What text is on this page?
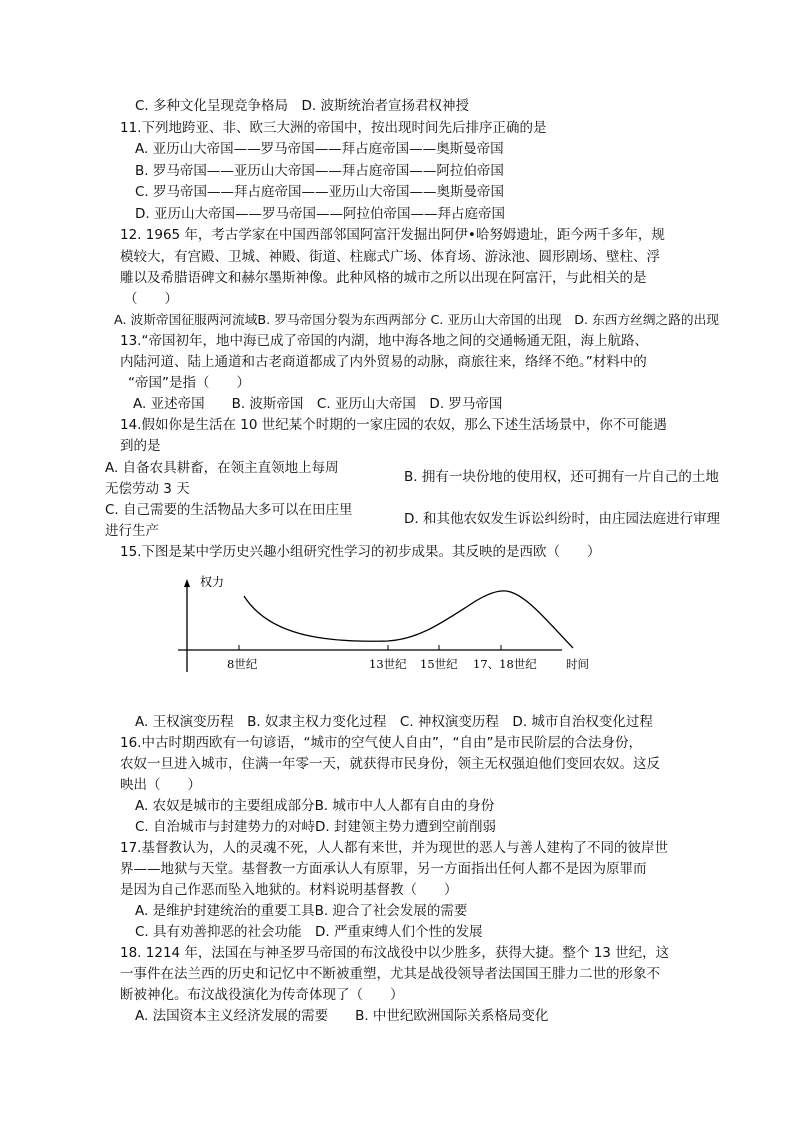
C. 多种文化呈现竞争格局　D. 波斯统治者宣扬君权神授
11.下列地跨亚、非、欧三大洲的帝国中，按出现时间先后排序正确的是
A. 亚历山大帝国——罗马帝国——拜占庭帝国——奥斯曼帝国
B. 罗马帝国——亚历山大帝国——拜占庭帝国——阿拉伯帝国
C. 罗马帝国——拜占庭帝国——亚历山大帝国——奥斯曼帝国
D. 亚历山大帝国——罗马帝国——阿拉伯帝国——拜占庭帝国
12. 1965 年，考古学家在中国西部邻国阿富汗发掘出阿伊•哈努姆遗址，距今两千多年，规
模较大，有宫殿、卫城、神殿、街道、柱廊式广场、体育场、游泳池、圆形剧场、壁柱、浮
雕以及希腊语碑文和赫尔墨斯神像。此种风格的城市之所以出现在阿富汗，与此相关的是
（　　）
A. 波斯帝国征服两河流域B. 罗马帝国分裂为东西两部分 C. 亚历山大帝国的出现　D. 东西方丝绸之路的出现
13.“帝国初年，地中海已成了帝国的内湖，地中海各地之间的交通畅通无阻，海上航路、
内陆河道、陆上通道和古老商道都成了内外贸易的动脉，商旅往来，络绎不绝。”材料中的
“帝国”是指（　　）
A. 亚述帝国　　B. 波斯帝国　C. 亚历山大帝国　D. 罗马帝国
14.假如你是生活在 10 世纪某个时期的一家庄园的农奴，那么下述生活场景中，你不可能遇
到的是
A. 自备农具耕畜，在领主直领地上每周
无偿劳动 3 天
B. 拥有一块份地的使用权，还可拥有一片自己的土地
C. 自己需要的生活物品大多可以在田庄里
进行生产
D. 和其他农奴发生诉讼纠纷时，由庄园法庭进行审理
15.下图是某中学历史兴趣小组研究性学习的初步成果。其反映的是西欧（　　）
权力
8世纪	13世纪 15世纪 17、18世纪	时间
A. 王权演变历程　B. 奴隶主权力变化过程　C. 神权演变历程　D. 城市自治权变化过程
16.中古时期西欧有一句谚语，“城市的空气使人自由”，“自由”是市民阶层的合法身份，
农奴一旦进入城市，住满一年零一天，就获得市民身份，领主无权强迫他们变回农奴。这反
映出（　　）
A. 农奴是城市的主要组成部分B. 城市中人人都有自由的身份
C. 自治城市与封建势力的对峙D. 封建领主势力遭到空前削弱
17.基督教认为，人的灵魂不死，人人都有来世，并为现世的恶人与善人建构了不同的彼岸世
界——地狱与天堂。基督教一方面承认人有原罪，另一方面指出任何人都不是因为原罪而
是因为自己作恶而坠入地狱的。材料说明基督教（　　）
A. 是维护封建统治的重要工具B. 迎合了社会发展的需要
C. 具有劝善抑恶的社会功能　D. 严重束缚人们个性的发展
18. 1214 年，法国在与神圣罗马帝国的布汶战役中以少胜多，获得大捷。整个 13 世纪，这
一事件在法兰西的历史和记忆中不断被重塑，尤其是战役领导者法国国王腓力二世的形象不
断被神化。布汶战役演化为传奇体现了（　　）
A. 法国资本主义经济发展的需要　　B. 中世纪欧洲国际关系格局变化
